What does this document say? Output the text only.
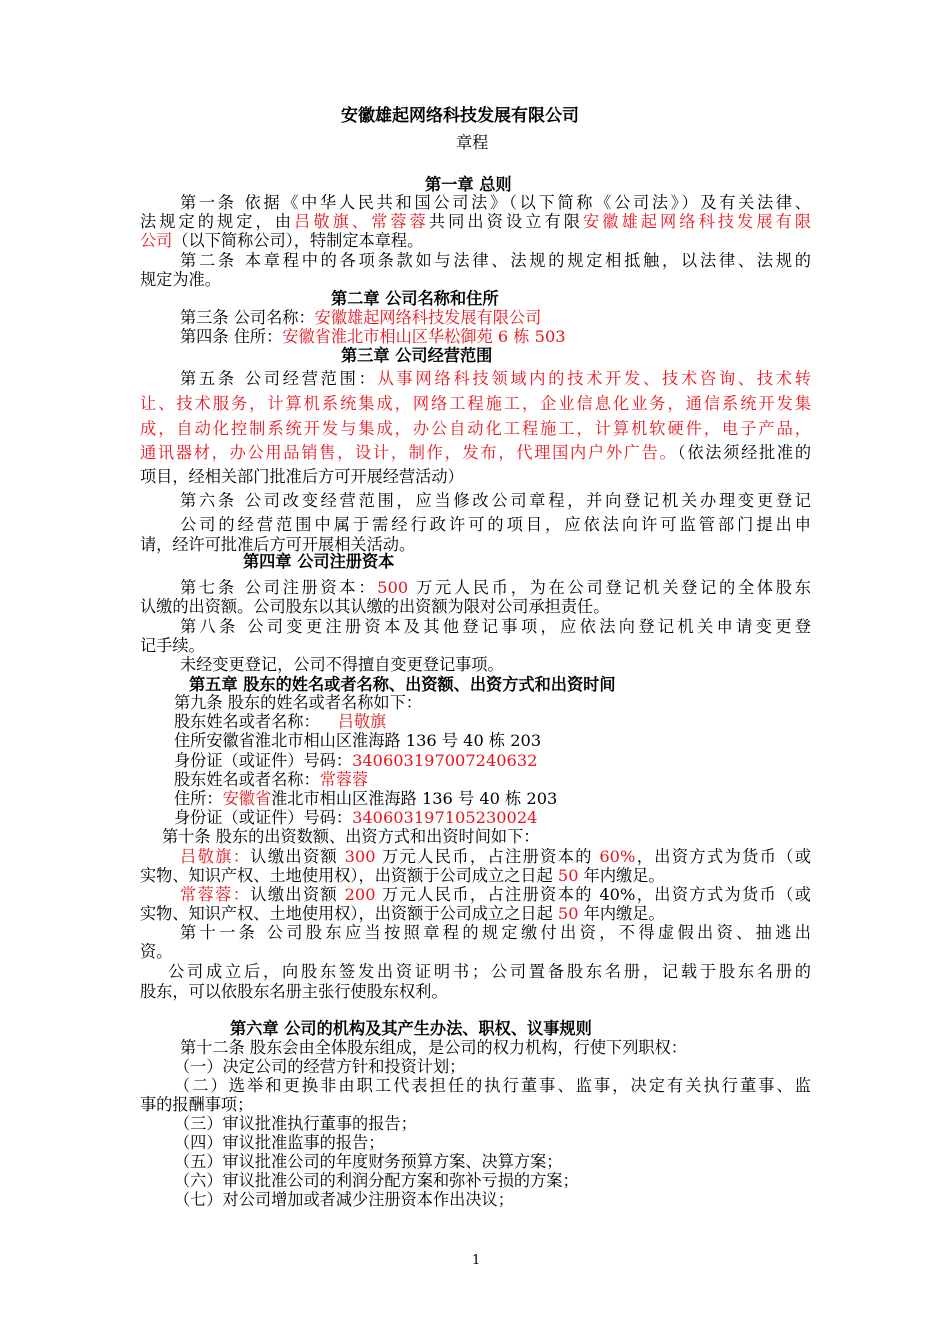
安徽雄起网络科技发展有限公司

章程

第一章 总则

第一条 依据《中华人民共和国公司法》（以下简称《公司法》）及有关法律、

法规定的规定，由吕敬旗、常蓉蓉共同出资设立有限安徽雄起网络科技发展有限

公司（以下简称公司），特制定本章程。

第二条 本章程中的各项条款如与法律、法规的规定相抵触，以法律、法规的

规定为准。

第二章 公司名称和住所

第三条 公司名称：安徽雄起网络科技发展有限公司

第四条 住所：安徽省淮北市相山区华松御苑 6 栋 503

第三章 公司经营范围

第五条 公司经营范围：从事网络科技领域内的技术开发、技术咨询、技术转

让、技术服务，计算机系统集成，网络工程施工，企业信息化业务，通信系统开发集

成，自动化控制系统开发与集成，办公自动化工程施工，计算机软硬件，电子产品，

通讯器材，办公用品销售，设计，制作，发布，代理国内户外广告。（依法须经批准的

项目，经相关部门批准后方可开展经营活动）

第六条 公司改变经营范围，应当修改公司章程，并向登记机关办理变更登记

公司的经营范围中属于需经行政许可的项目，应依法向许可监管部门提出申

请，经许可批准后方可开展相关活动。

第四章 公司注册资本

第七条 公司注册资本：500 万元人民币，为在公司登记机关登记的全体股东

认缴的出资额。公司股东以其认缴的出资额为限对公司承担责任。

第八条 公司变更注册资本及其他登记事项，应依法向登记机关申请变更登

记手续。

未经变更登记，公司不得擅自变更登记事项。

第五章 股东的姓名或者名称、出资额、出资方式和出资时间

第九条 股东的姓名或者名称如下：

股东姓名或者名称： 吕敬旗

住所安徽省淮北市相山区淮海路 136 号 40 栋 203

身份证（或证件）号码：340603197007240632

股东姓名或者名称：常蓉蓉

住所：安徽省淮北市相山区淮海路 136 号 40 栋 203

身份证（或证件）号码：340603197105230024

第十条 股东的出资数额、出资方式和出资时间如下：

吕敬旗：认缴出资额 300 万元人民币，占注册资本的 60%，出资方式为货币（或

实物、知识产权、土地使用权），出资额于公司成立之日起 50 年内缴足。

常蓉蓉：认缴出资额 200 万元人民币，占注册资本的 40%，出资方式为货币（或

实物、知识产权、土地使用权），出资额于公司成立之日起 50 年内缴足。

第十一条 公司股东应当按照章程的规定缴付出资，不得虚假出资、抽逃出

资。

公司成立后，向股东签发出资证明书；公司置备股东名册，记载于股东名册的

股东，可以依股东名册主张行使股东权利。

第六章 公司的机构及其产生办法、职权、议事规则

第十二条 股东会由全体股东组成，是公司的权力机构，行使下列职权：

（一）决定公司的经营方针和投资计划；

（二）选举和更换非由职工代表担任的执行董事、监事，决定有关执行董事、监

事的报酬事项；

（三）审议批准执行董事的报告；

（四）审议批准监事的报告；

（五）审议批准公司的年度财务预算方案、决算方案；

（六）审议批准公司的利润分配方案和弥补亏损的方案；

（七）对公司增加或者减少注册资本作出决议；

1
